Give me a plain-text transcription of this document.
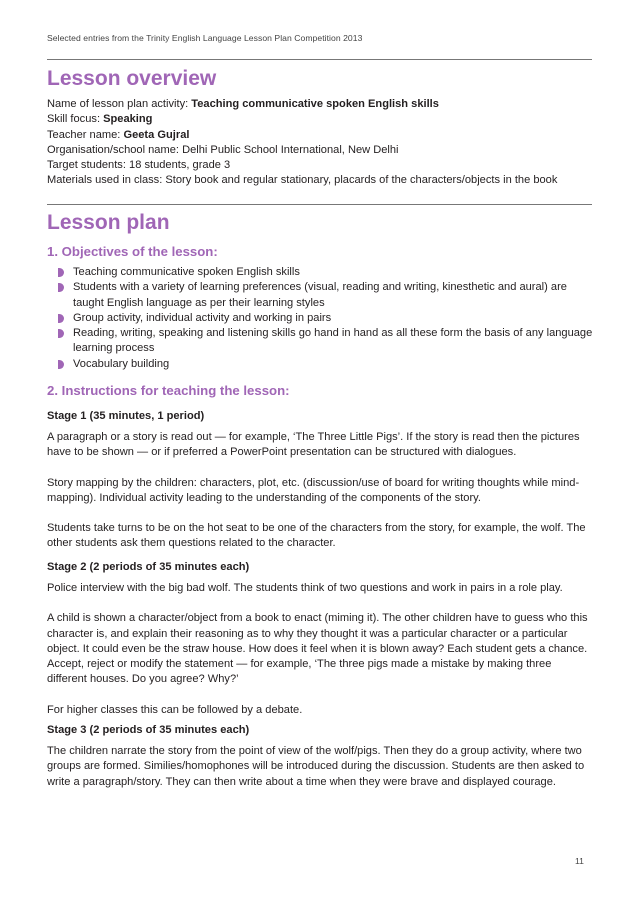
Selected entries from the Trinity English Language Lesson Plan Competition 2013
Lesson overview
Name of lesson plan activity: Teaching communicative spoken English skills
Skill focus: Speaking
Teacher name: Geeta Gujral
Organisation/school name: Delhi Public School International, New Delhi
Target students: 18 students, grade 3
Materials used in class: Story book and regular stationary, placards of the characters/objects in the book
Lesson plan
1. Objectives of the lesson:
Teaching communicative spoken English skills
Students with a variety of learning preferences (visual, reading and writing, kinesthetic and aural) are taught English language as per their learning styles
Group activity, individual activity and working in pairs
Reading, writing, speaking and listening skills go hand in hand as all these form the basis of any language learning process
Vocabulary building
2. Instructions for teaching the lesson:
Stage 1 (35 minutes, 1 period)
A paragraph or a story is read out — for example, ‘The Three Little Pigs’. If the story is read then the pictures have to be shown — or if preferred a PowerPoint presentation can be structured with dialogues.
Story mapping by the children: characters, plot, etc. (discussion/use of board for writing thoughts while mind-mapping). Individual activity leading to the understanding of the components of the story.
Students take turns to be on the hot seat to be one of the characters from the story, for example, the wolf. The other students ask them questions related to the character.
Stage 2 (2 periods of 35 minutes each)
Police interview with the big bad wolf. The students think of two questions and work in pairs in a role play.
A child is shown a character/object from a book to enact (miming it). The other children have to guess who this character is, and explain their reasoning as to why they thought it was a particular character or a particular object. It could even be the straw house. How does it feel when it is blown away? Each student gets a chance. Accept, reject or modify the statement — for example, ‘The three pigs made a mistake by making three different houses. Do you agree? Why?’
For higher classes this can be followed by a debate.
Stage 3 (2 periods of 35 minutes each)
The children narrate the story from the point of view of the wolf/pigs. Then they do a group activity, where two groups are formed. Similies/homophones will be introduced during the discussion. Students are then asked to write a paragraph/story. They can then write about a time when they were brave and displayed courage.
11
